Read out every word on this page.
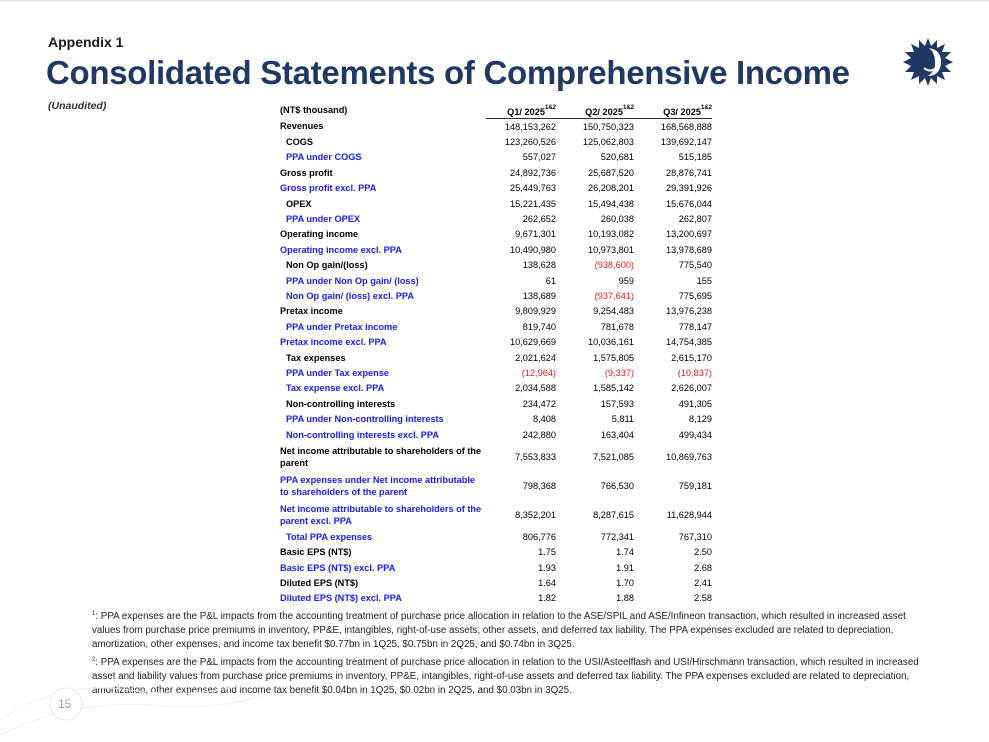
Appendix 1
Consolidated Statements of Comprehensive Income
(Unaudited)	(NT$ thousand)	Q1/ $2025^{1\&2}$	Q2/ $2025^{1\&2}$	Q3/ $2025^{1\&2}$
Revenues	148,153,262	150,750,323	168,568,888
COGS	123,260,526	125,062,803	139,692,147
PPA under COGS	557,027	520,681	515,185
Gross profit	24,892,736	25,687,520	28,876,741
Gross profit excl. PPA	25,449,763	26,208,201	29,391,926
OPEX	15,221,435	15,494,438	15,676,044
PPA under OPEX	262,652	260,038	262,807
Operating income	9,671,301	10,193,082	13,200,697
Operating income excl. PPA	10,490,980	10,973,801	13,978,689
Non Op gain/(loss)	138,628	(938,600)	775,540
PPA under Non Op gain/ (loss)	61	959	155
Non Op gain/ (loss) excl. PPA	138,689	(937,641)	775,695
Pretax income	9,809,929	9,254,483	13,976,238
PPA under Pretax income	819,740	781,678	778,147
Pretax income excl. PPA	10,629,669	10,036,161	14,754,385
Tax expenses	2,021,624	1,575,805	2,615,170
PPA under Tax expense	(12,964)	(9,337)	(10,837)
Tax expense excl. PPA	2,034,588	1,585,142	2,626,007
Non-controlling interests	234,472	157,593	491,305
PPA under Non-controlling interests	8,408	5,811	8,129
Non-controlling interests excl. PPA	242,880	163,404	499,434
Net income attributable to shareholders of the parent	7,553,833	7,521,085	10,869,763
PPA expenses under Net income attributable to shareholders of the parent	798,368	766,530	759,181
Net income attributable to shareholders of the parent excl. PPA	8,352,201	8,287,615	11,628,944
Total PPA expenses	806,776	772,341	767,310
Basic EPS (NT$)	1.75	1.74	2.50
Basic EPS (NT$) excl. PPA	1.93	1.91	2.68
Diluted EPS (NT$)	1.64	1.70	2.41
Diluted EPS (NT$) excl. PPA	1.82	1.88	2.58
$^1$: PPA expenses are the P&L impacts from the accounting treatment of purchase price allocation in relation to the ASE/SPIL and ASE/Infineon transaction, which resulted in increased asset values from purchase price premiums in inventory, PP&E, intangibles, right-of-use assets, other assets, and deferred tax liability. The PPA expenses excluded are related to depreciation, amortization, other expenses, and income tax benefit $0.77bn in 1Q25, $0.75bn in 2Q25, and $0.74bn in 3Q25.
$^2$: PPA expenses are the P&L impacts from the accounting treatment of purchase price allocation in relation to the USI/Asteelflash and USI/Hirschmann transaction, which resulted in increased asset and liability values from purchase price premiums in inventory, PP&E, intangibles, right-of-use assets and deferred tax liability. The PPA expenses excluded are related to depreciation, amortization, other expenses and income tax benefit $0.04bn in 1Q25, $0.02bn in 2Q25, and $0.03bn in 3Q25.
15
